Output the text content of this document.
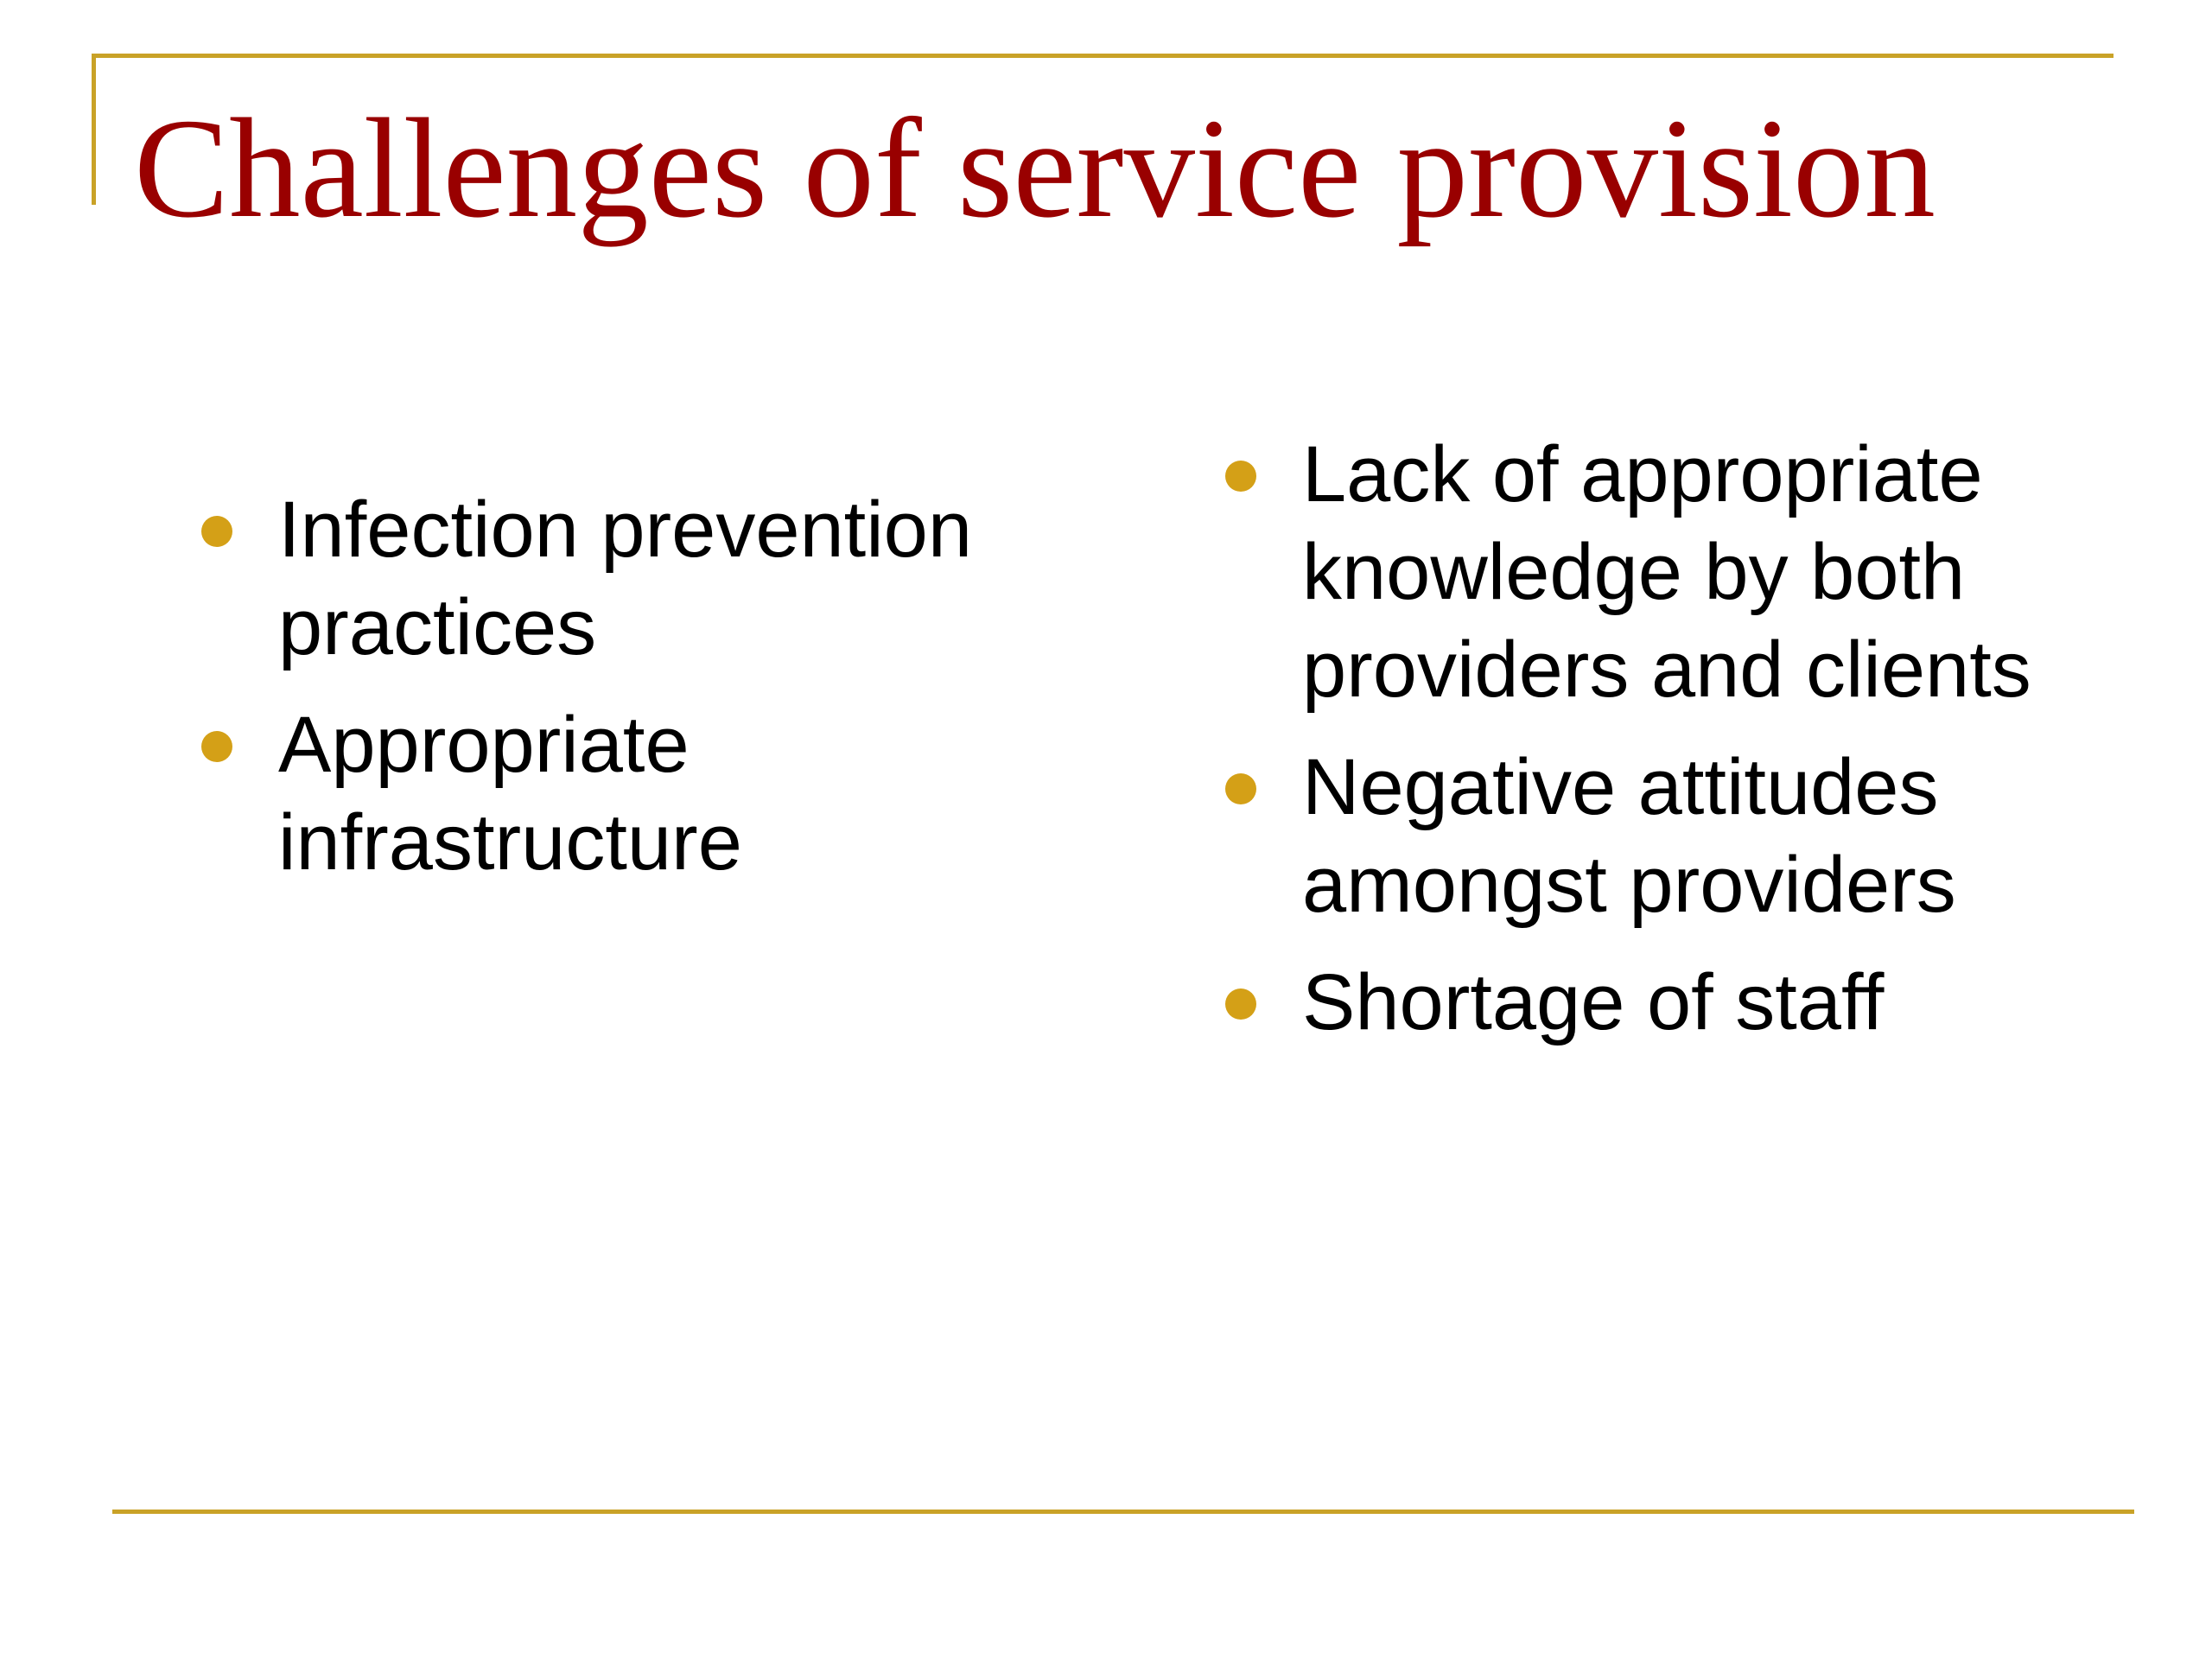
Challenges of service provision
Infection prevention practices
Appropriate infrastructure
Lack of appropriate knowledge by both providers and clients
Negative attitudes amongst providers
Shortage of staff
